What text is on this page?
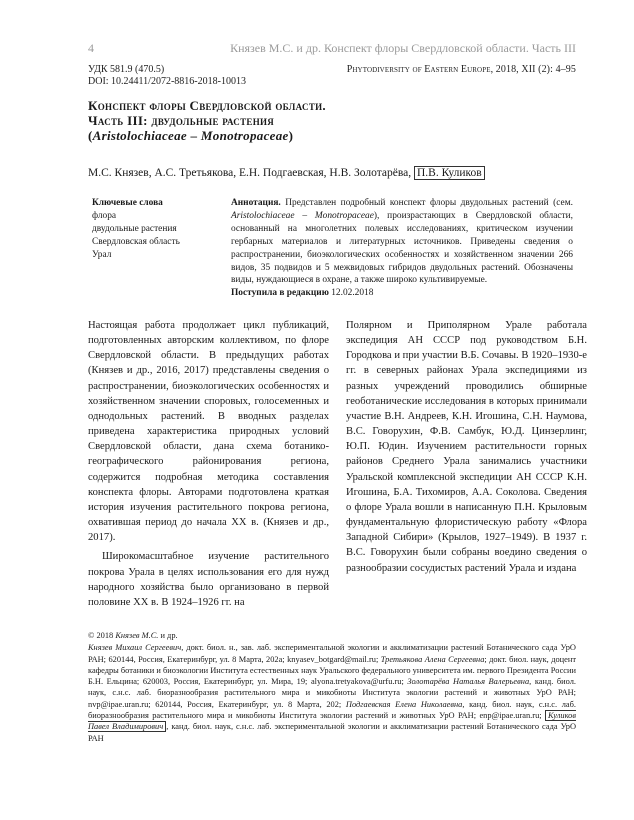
4	Князев М.С. и др. Конспект флоры Свердловской области. Часть III
УДК 581.9 (470.5)	Phytodiversity of Eastern Europe, 2018, XII (2): 4–95
DOI: 10.24411/2072-8816-2018-10013
Конспект флоры Свердловской области.
Часть III: двудольные растения
(Aristolochiaceae – Monotropaceae)
М.С. Князев, А.С. Третьякова, Е.Н. Подгаевская, Н.В. Золотарёва, П.В. Куликов
Ключевые слова
флора
двудольные растения
Свердловская область
Урал
Аннотация. Представлен подробный конспект флоры двудольных растений (сем. Aristolochiaceae – Monotropaceae), произрастающих в Свердловской области, основанный на многолетних полевых исследованиях, критическом изучении гербарных материалов и литературных источников. Приведены сведения о распространении, биоэкологических особенностях и хозяйственном значении 266 видов, 35 подвидов и 5 межвидовых гибридов двудольных растений. Обозначены виды, нуждающиеся в охране, а также широко культивируемые.
Поступила в редакцию 12.02.2018

Настоящая работа продолжает цикл публикаций, подготовленных авторским коллективом, по флоре Свердловской области. В предыдущих работах (Князев и др., 2016, 2017) представлены сведения о распространении, биоэкологических особенностях и хозяйственном значении споровых, голосеменных и однодольных растений. В вводных разделах приведена характеристика природных условий Свердловской области, дана схема ботанико-географического районирования региона, содержится подробная методика составления конспекта флоры. Авторами подготовлена краткая история изучения растительного покрова региона, охватившая период до начала XX в. (Князев и др., 2017).

Широкомасштабное изучение растительного покрова Урала в целях использования его для нужд народного хозяйства было организовано в первой половине XX в. В 1924–1926 гг. на

Полярном и Приполярном Урале работала экспедиция АН СССР под руководством Б.Н. Городкова и при участии В.Б. Сочавы. В 1920–1930-е гг. в северных районах Урала экспедициями из разных учреждений проводились обширные геоботанические исследования в которых принимали участие В.Н. Андреев, К.Н. Игошина, С.Н. Наумова, В.С. Говорухин, Ф.В. Самбук, Ю.Д. Цинзерлинг, Ю.П. Юдин. Изучением растительности горных районов Среднего Урала занимались участники Уральской комплексной экспедиции АН СССР К.Н. Игошина, Б.А. Тихомиров, А.А. Соколова. Сведения о флоре Урала вошли в написанную П.Н. Крыловым фундаментальную флористическую работу «Флора Западной Сибири» (Крылов, 1927–1949). В 1937 г. В.С. Говорухин были собраны воедино сведения о разнообразии сосудистых растений Урала и издана

© 2018 Князев М.С. и др.
Князев Михаил Сергеевич, докт. биол. н., зав. лаб. экспериментальной экологии и акклиматизации растений Ботанического сада УрО РАН; 620144, Россия, Екатеринбург, ул. 8 Марта, 202а; knyasev_botgard@mail.ru; Третьякова Алена Сергеевна; докт. биол. наук, доцент кафедры ботаники и биоэкологии Института естественных наук Уральского федерального университета им. первого Президента России Б.Н. Ельцина; 620003, Россия, Екатеринбург, ул. Мира, 19; alyona.tretyakova@urfu.ru; Золотарёва Наталья Валерьевна, канд. биол. наук, с.н.с. лаб. биоразнообразия растительного мира и микобиоты Института экологии растений и животных УрО РАН; nvp@ipae.uran.ru; 620144, Россия, Екатеринбург, ул. 8 Марта, 202; Подгаевская Елена Николаевна, канд. биол. наук, с.н.с. лаб. биоразнообразия растительного мира и микобиоты Института экологии растений и животных УрО РАН; enp@ipae.uran.ru; Куликов Павел Владимирович , канд. биол. наук, с.н.с. лаб. экспериментальной экологии и акклиматизации растений Ботанического сада УрО РАН
